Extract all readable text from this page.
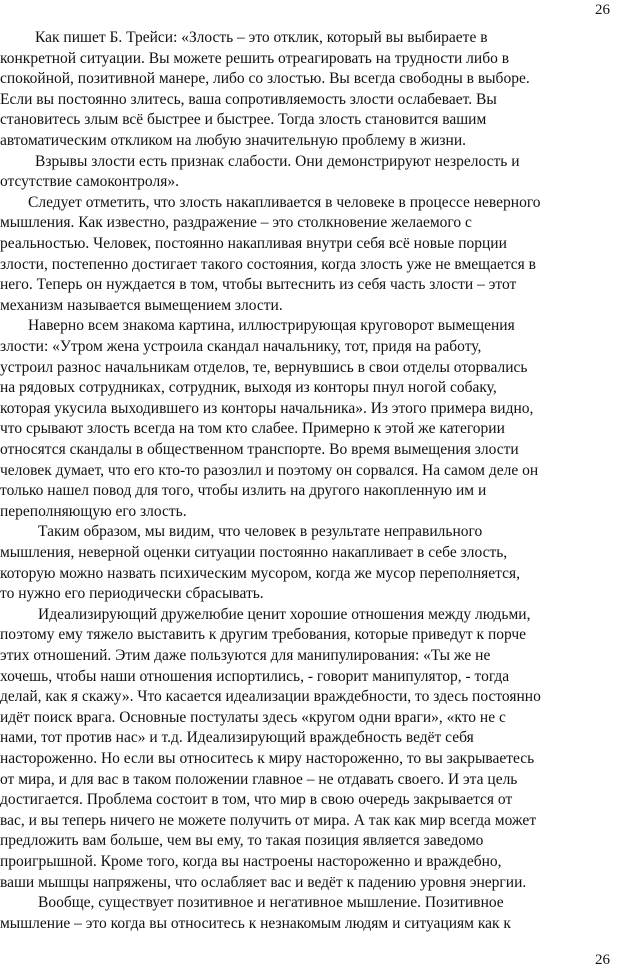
26
Как пишет Б. Трейси: «Злость – это отклик, который вы выбираете в
конкретной ситуации. Вы можете решить отреагировать на трудности либо в
спокойной, позитивной манере, либо со злостью. Вы всегда свободны в выборе.
Если вы постоянно злитесь, ваша сопротивляемость злости ослабевает. Вы
становитесь злым всё быстрее и быстрее. Тогда злость становится вашим
автоматическим откликом на любую значительную проблему в жизни.
Взрывы злости есть признак слабости. Они демонстрируют незрелость и
отсутствие самоконтроля».
Следует отметить, что злость накапливается в человеке в процессе неверного
мышления. Как известно, раздражение – это столкновение желаемого с
реальностью. Человек, постоянно накапливая внутри себя всё новые порции
злости, постепенно достигает такого состояния, когда злость уже не вмещается в
него. Теперь он нуждается в том, чтобы вытеснить из себя часть злости – этот
механизм называется вымещением злости.
Наверно всем знакома картина, иллюстрирующая круговорот вымещения
злости: «Утром жена устроила скандал начальнику, тот, придя на работу,
устроил разнос начальникам отделов, те, вернувшись в свои отделы оторвались
на рядовых сотрудниках, сотрудник, выходя из конторы пнул ногой собаку,
которая укусила выходившего из конторы начальника». Из этого примера видно,
что срывают злость всегда на том кто слабее. Примерно к этой же категории
относятся скандалы в общественном транспорте. Во время вымещения злости
человек думает, что его кто-то разозлил и поэтому он сорвался. На самом деле он
только нашел повод для того, чтобы излить на другого накопленную им и
переполняющую его злость.
Таким образом, мы видим, что человек в результате неправильного
мышления, неверной оценки ситуации постоянно накапливает в себе злость,
которую можно назвать психическим мусором, когда же мусор переполняется,
то нужно его периодически сбрасывать.
Идеализирующий дружелюбие ценит хорошие отношения между людьми,
поэтому ему тяжело выставить к другим требования, которые приведут к порче
этих отношений. Этим даже пользуются для манипулирования: «Ты же не
хочешь, чтобы наши отношения испортились, - говорит манипулятор, - тогда
делай, как я скажу». Что касается идеализации враждебности, то здесь постоянно
идёт поиск врага. Основные постулаты здесь «кругом одни враги», «кто не с
нами, тот против нас» и т.д. Идеализирующий враждебность ведёт себя
настороженно. Но если вы относитесь к миру настороженно, то вы закрываетесь
от мира, и для вас в таком положении главное – не отдавать своего. И эта цель
достигается. Проблема состоит в том, что мир в свою очередь закрывается от
вас, и вы теперь ничего не можете получить от мира. А так как мир всегда может
предложить вам больше, чем вы ему, то такая позиция является заведомо
проигрышной. Кроме того, когда вы настроены настороженно и враждебно,
ваши мышцы напряжены, что ослабляет вас и ведёт к падению уровня энергии.
Вообще, существует позитивное и негативное мышление. Позитивное
мышление – это когда вы относитесь к незнакомым людям и ситуациям как к
26
